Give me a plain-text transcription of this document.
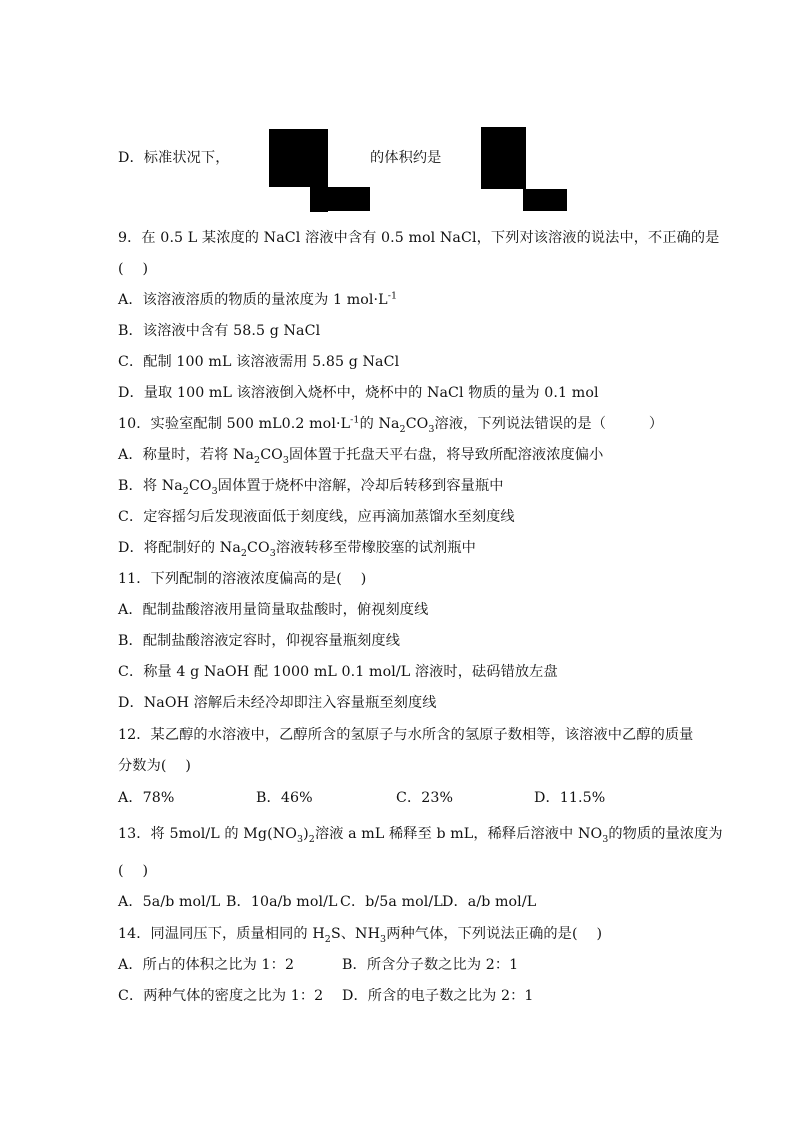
D．标准状况下，	的体积约是
9．在 0.5 L 某浓度的 NaCl 溶液中含有 0.5 mol NaCl，下列对该溶液的说法中，不正确的是
(　 )
A．该溶液溶质的物质的量浓度为 1 $mol\cdot L^{-1}$
B．该溶液中含有 58.5 g NaCl
C．配制 100 mL 该溶液需用 5.85 g NaCl
D．量取 100 mL 该溶液倒入烧杯中，烧杯中的 NaCl 物质的量为 0.1 mol
10．实验室配制 500 mL0.2 $mol\cdot L^{-1}$的 $Na_2CO_3$溶液，下列说法错误的是（　　　）
A．称量时，若将 $Na_2CO_3$固体置于托盘天平右盘，将导致所配溶液浓度偏小
B．将 $Na_2CO_3$固体置于烧杯中溶解，冷却后转移到容量瓶中
C．定容摇匀后发现液面低于刻度线，应再滴加蒸馏水至刻度线
D．将配制好的 $Na_2CO_3$溶液转移至带橡胶塞的试剂瓶中
11．下列配制的溶液浓度偏高的是(　 )
A．配制盐酸溶液用量筒量取盐酸时，俯视刻度线
B．配制盐酸溶液定容时，仰视容量瓶刻度线
C．称量 4 g NaOH 配 1000 mL 0.1 mol/L 溶液时，砝码错放左盘
D．NaOH 溶解后未经冷却即注入容量瓶至刻度线
12．某乙醇的水溶液中，乙醇所含的氢原子与水所含的氢原子数相等，该溶液中乙醇的质量
分数为(　 )
A．78%	B．46%	C．23%	D．11.5%
13．将 5mol/L 的 $Mg(NO_3)_2$溶液 a mL 稀释至 b mL，稀释后溶液中 $NO_3$的物质的量浓度为
(　 )
A．5a/b mol/L B．10a/b mol/L C．b/5a mol/L D．a/b mol/L
14．同温同压下，质量相同的 $H_2S$、$NH_3$两种气体，下列说法正确的是(　 )
A．所占的体积之比为 1：2	B．所含分子数之比为 2：1
C．两种气体的密度之比为 1：2 D．所含的电子数之比为 2：1
